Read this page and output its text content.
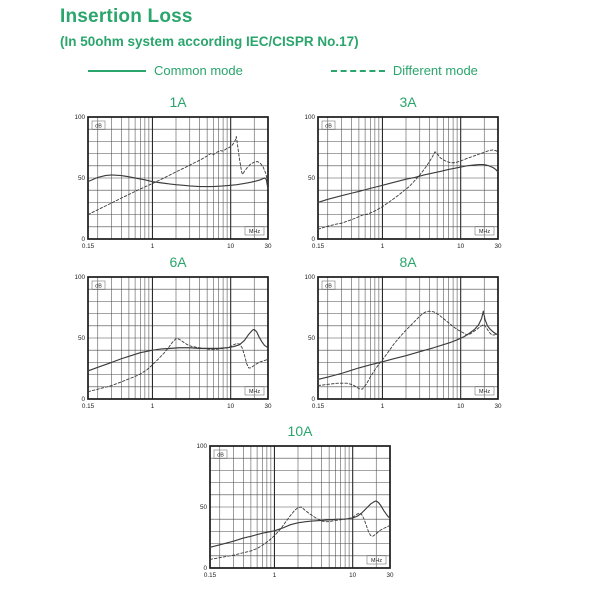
Insertion Loss
(In 50ohm system according IEC/CISPR No.17)
Common mode	Different mode
1A
100
50
0
0.15	1	10	30
dB
MHz
3A
100
50
0
0.15	1	10	30
dB
MHz
6A
100
50
0
0.15	1	10	30
dB
MHz
8A
100
50
0
0.15	1	10	30
dB
MHz
10A
100
50
0
0.15	1	10	30
dB
MHz
